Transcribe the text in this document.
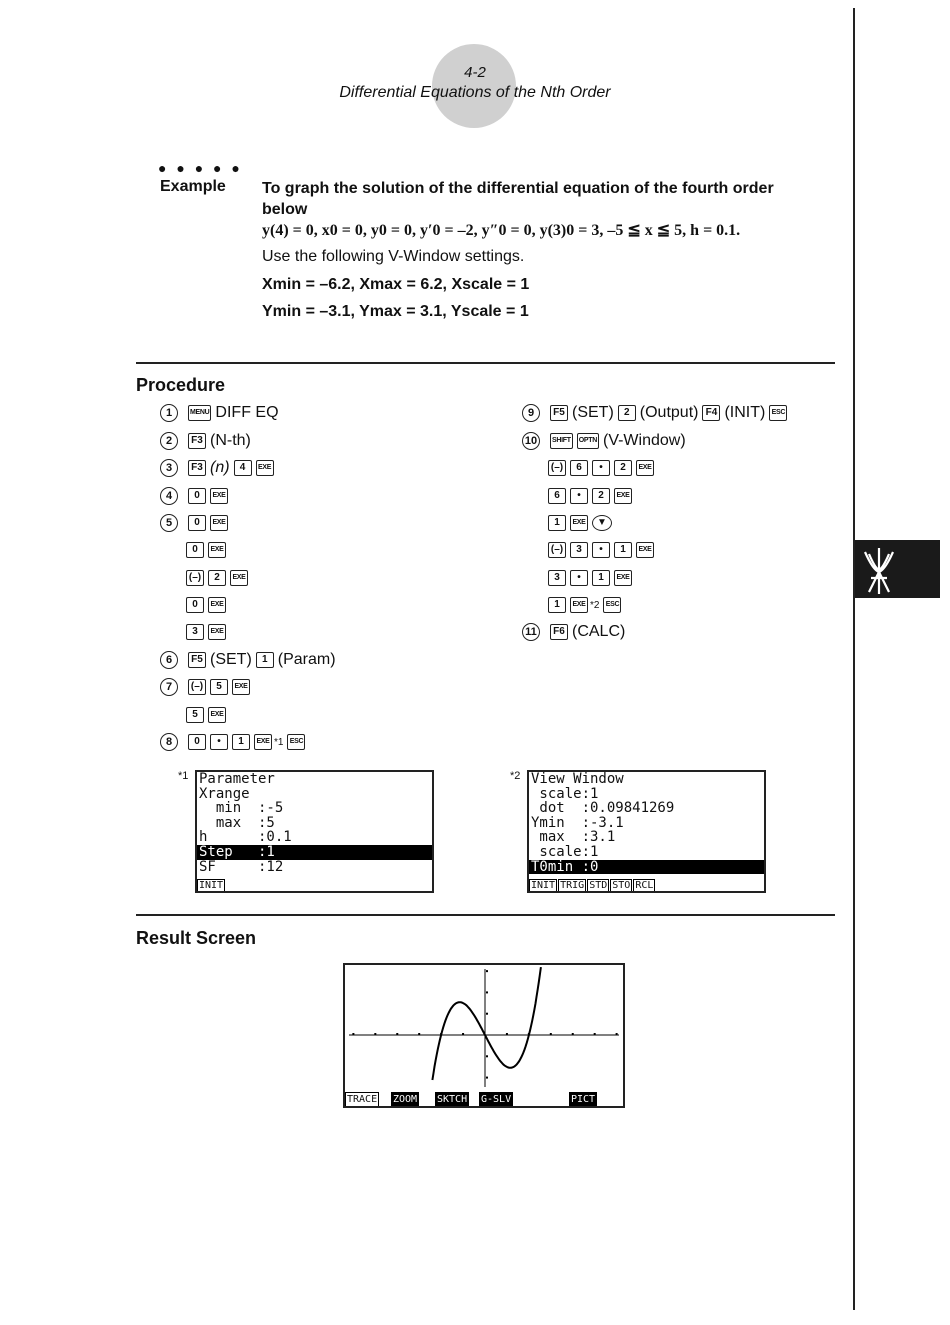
4-2
Differential Equations of the Nth Order
● ● ● ● ●
Example To graph the solution of the differential equation of the fourth order below
y(4) = 0, x0 = 0, y0 = 0, y′0 = –2, y″0 = 0, y(3)0 = 3, –5 ≦ x ≦ 5, h = 0.1.
Use the following V-Window settings.
Xmin = –6.2, Xmax = 6.2, Xscale = 1
Ymin = –3.1, Ymax = 3.1, Yscale = 1
Procedure
1	MENU DIFF EQ
2	F3 (N-th)
3	F3 (n)	4	EXE
4	0	EXE
5	0	EXE
0	EXE
(–)	2	EXE
0	EXE
3	EXE
6	F5 (SET)	1 (Param)
7	(–)	5	EXE
5	EXE
8	0	•	1	EXE *1 ESC
9	F5 (SET)	2 (Output) F4 (INIT) ESC
10	SHIFT OPTN (V-Window)
(–)	6	•	2	EXE
6	•	2	EXE
1	EXE	▼
(–)	3	•	1	EXE
3	•	1	EXE
1	EXE *2 ESC
11	F6 (CALC)
*1 Parameter
Xrange
min  :-5
max  :5
h      :0.1
Step   :1
SF     :12
INIT
*2 View Window
scale:1
dot  :0.09841269
Ymin  :-3.1
max  :3.1
scale:1
T0min :0
INIT TRIG STD STO RCL
Result Screen
TRACE ZOOM SKTCH G-SLV	PICT
